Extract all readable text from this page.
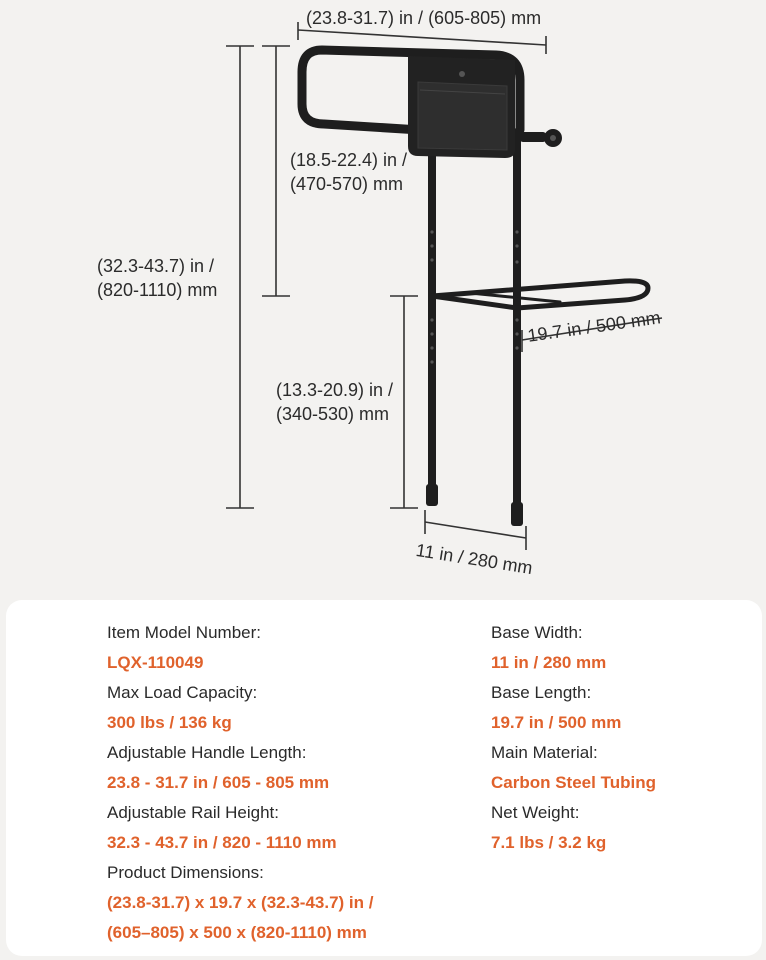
(23.8-31.7) in / (605-805) mm
(18.5-22.4) in /
(470-570) mm
(32.3-43.7) in /
(820-1110) mm
(13.3-20.9) in /
(340-530) mm
19.7 in / 500 mm
11 in / 280 mm
Item Model Number:
LQX-110049
Max Load Capacity:
300 lbs / 136 kg
Adjustable Handle Length:
23.8 - 31.7 in / 605 - 805 mm
Adjustable Rail Height:
32.3 - 43.7 in / 820 - 1110 mm
Product Dimensions:
(23.8-31.7) x 19.7 x (32.3-43.7) in /
(605–805) x 500 x (820-1110) mm
Base Width:
11 in / 280 mm
Base Length:
19.7 in / 500 mm
Main Material:
Carbon Steel Tubing
Net Weight:
7.1 lbs / 3.2 kg
